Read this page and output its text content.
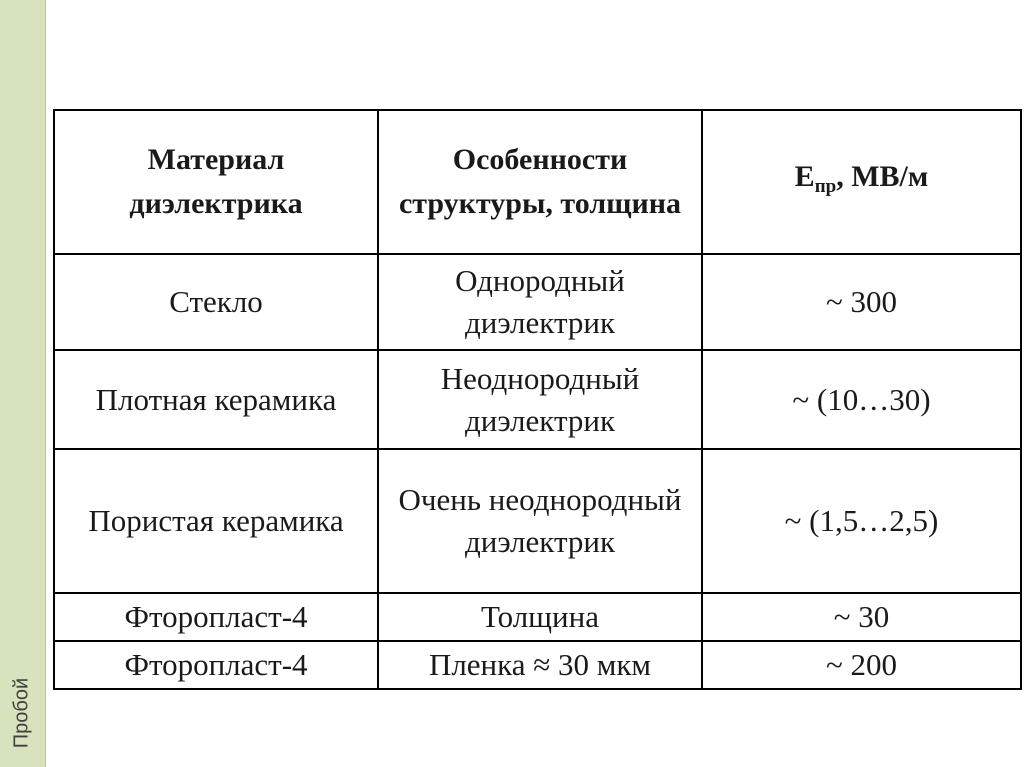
Пробой
Материал диэлектрика	Особенности структуры, толщина	$E_{пр}$, МВ/м
Стекло	Однородный диэлектрик	~ 300
Плотная керамика	Неоднородный диэлектрик	~ (10…30)
Пористая керамика	Очень неоднородный диэлектрик	~ (1,5…2,5)
Фторопласт-4	Толщина	~ 30
Фторопласт-4	Пленка ≈ 30 мкм	~ 200
